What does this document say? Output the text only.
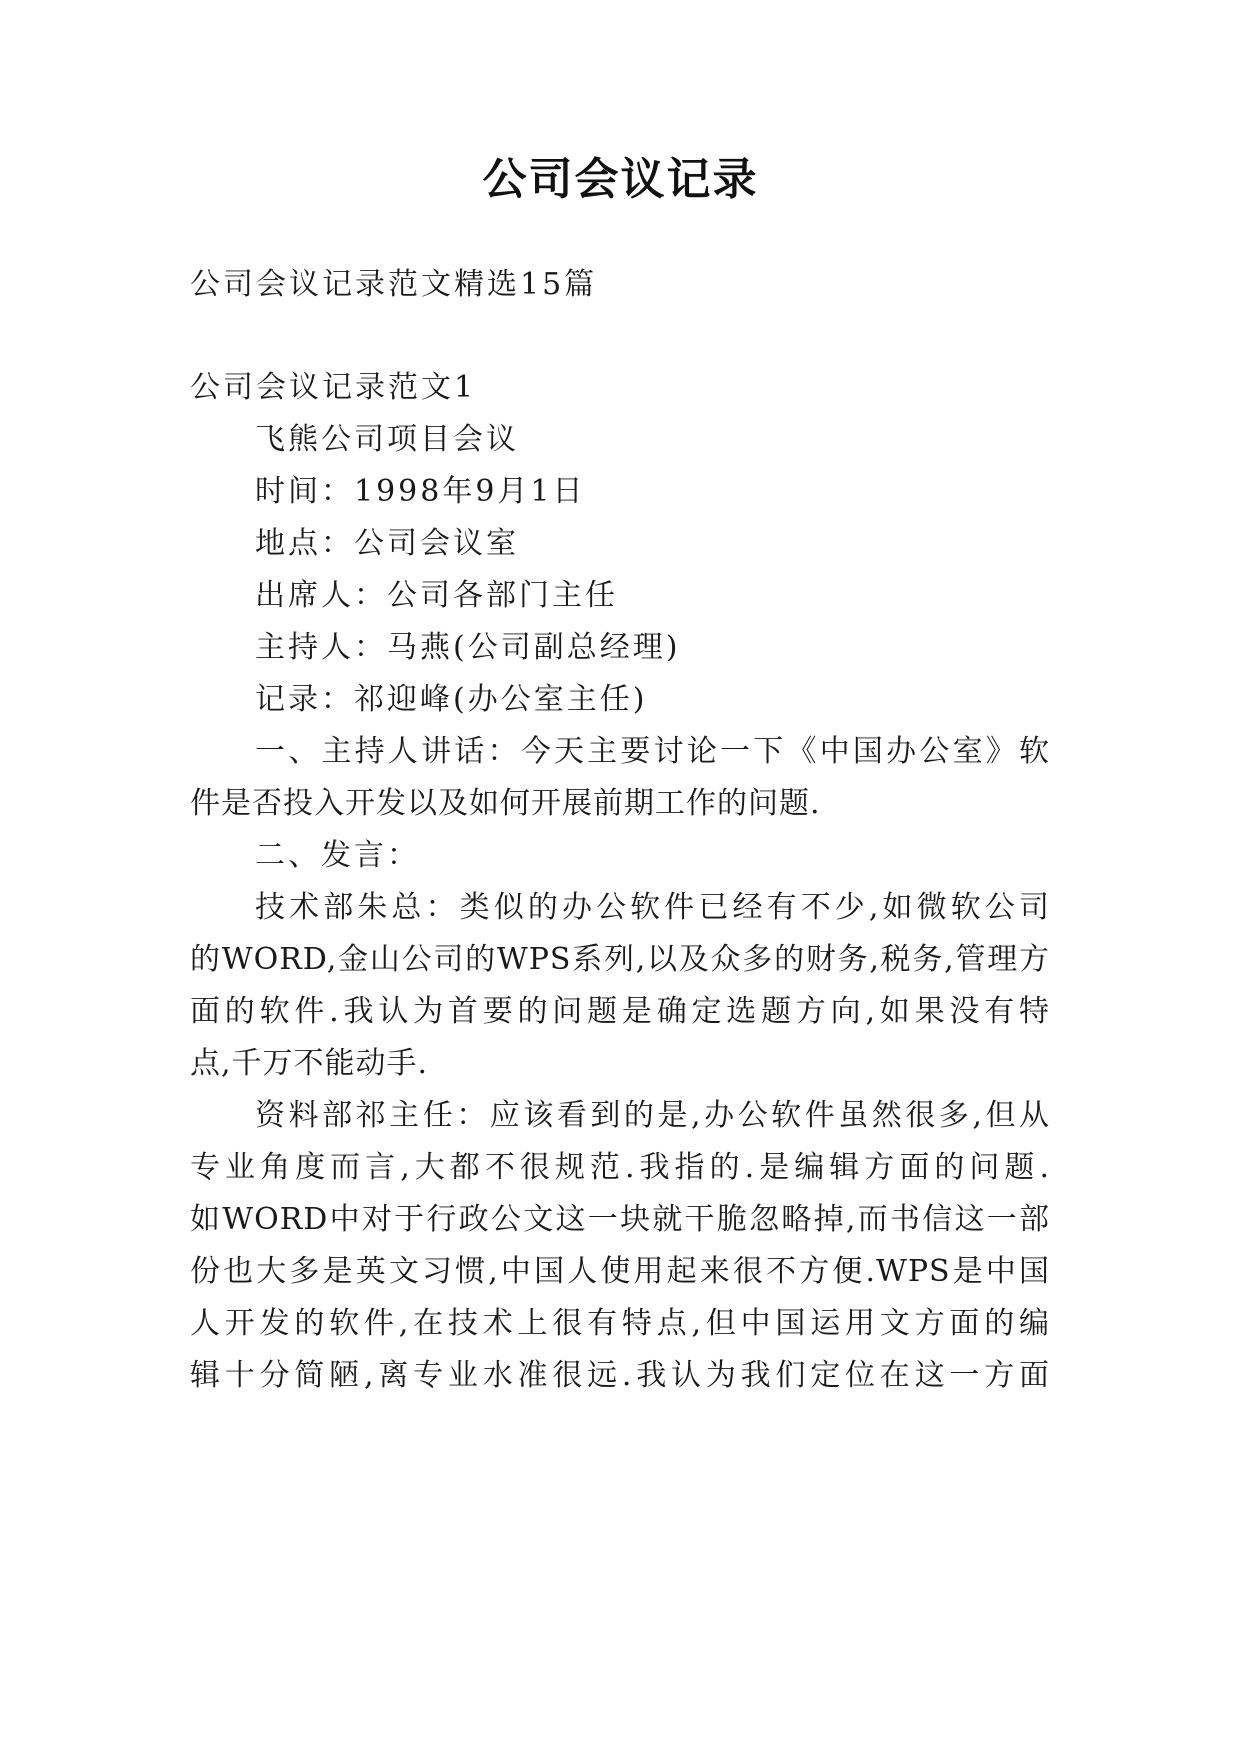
公司会议记录
公司会议记录范文精选15篇
公司会议记录范文1
飞熊公司项目会议
时间：1998年9月1日
地点：公司会议室
出席人：公司各部门主任
主持人：马燕(公司副总经理)
记录：祁迎峰(办公室主任)
一、主持人讲话：今天主要讨论一下《中国办公室》软
件是否投入开发以及如何开展前期工作的问题.
二、发言：
技术部朱总：类似的办公软件已经有不少,如微软公司
的WORD,金山公司的WPS系列,以及众多的财务,税务,管理方
面的软件.我认为首要的问题是确定选题方向,如果没有特
点,千万不能动手.
资料部祁主任：应该看到的是,办公软件虽然很多,但从
专业角度而言,大都不很规范.我指的.是编辑方面的问题.
如WORD中对于行政公文这一块就干脆忽略掉,而书信这一部
份也大多是英文习惯,中国人使用起来很不方便.WPS是中国
人开发的软件,在技术上很有特点,但中国运用文方面的编
辑十分简陋,离专业水准很远.我认为我们定位在这一方面
